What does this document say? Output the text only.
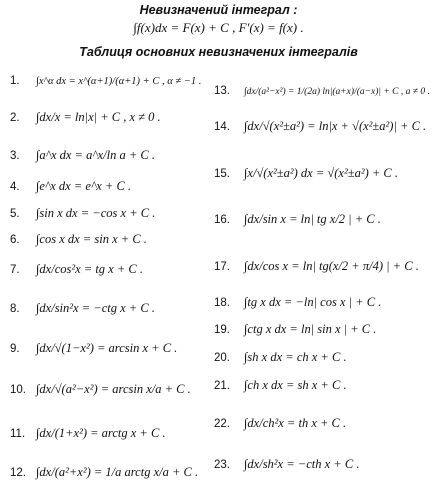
Невизначений інтеграл :
∫f(x)dx = F(x) + C , F′(x) = f(x) .
Таблиця основних невизначених інтегралів
1. ∫x^α dx = x^(α+1)/(α+1) + C , α ≠ −1 .
2. ∫dx/x = ln|x| + C , x ≠ 0 .
3. ∫a^x dx = a^x/ln a + C .
4. ∫e^x dx = e^x + C .
5. ∫sin x dx = −cos x + C .
6. ∫cos x dx = sin x + C .
7. ∫dx/cos²x = tg x + C .
8. ∫dx/sin²x = −ctg x + C .
9. ∫dx/√(1−x²) = arcsin x + C .
10. ∫dx/√(a²−x²) = arcsin x/a + C .
11. ∫dx/(1+x²) = arctg x + C .
12. ∫dx/(a²+x²) = 1/a arctg x/a + C .
13. ∫dx/(a²−x²) = 1/(2a) ln|(a+x)/(a−x)| + C , a ≠ 0 .
14. ∫dx/√(x²±a²) = ln|x + √(x²±a²)| + C .
15. ∫x/√(x²±a²) dx = √(x²±a²) + C .
16. ∫dx/sin x = ln| tg x/2 | + C .
17. ∫dx/cos x = ln| tg(x/2 + π/4) | + C .
18. ∫tg x dx = −ln| cos x | + C .
19. ∫ctg x dx = ln| sin x | + C .
20. ∫sh x dx = ch x + C .
21. ∫ch x dx = sh x + C .
22. ∫dx/ch²x = th x + C .
23. ∫dx/sh²x = −cth x + C .
